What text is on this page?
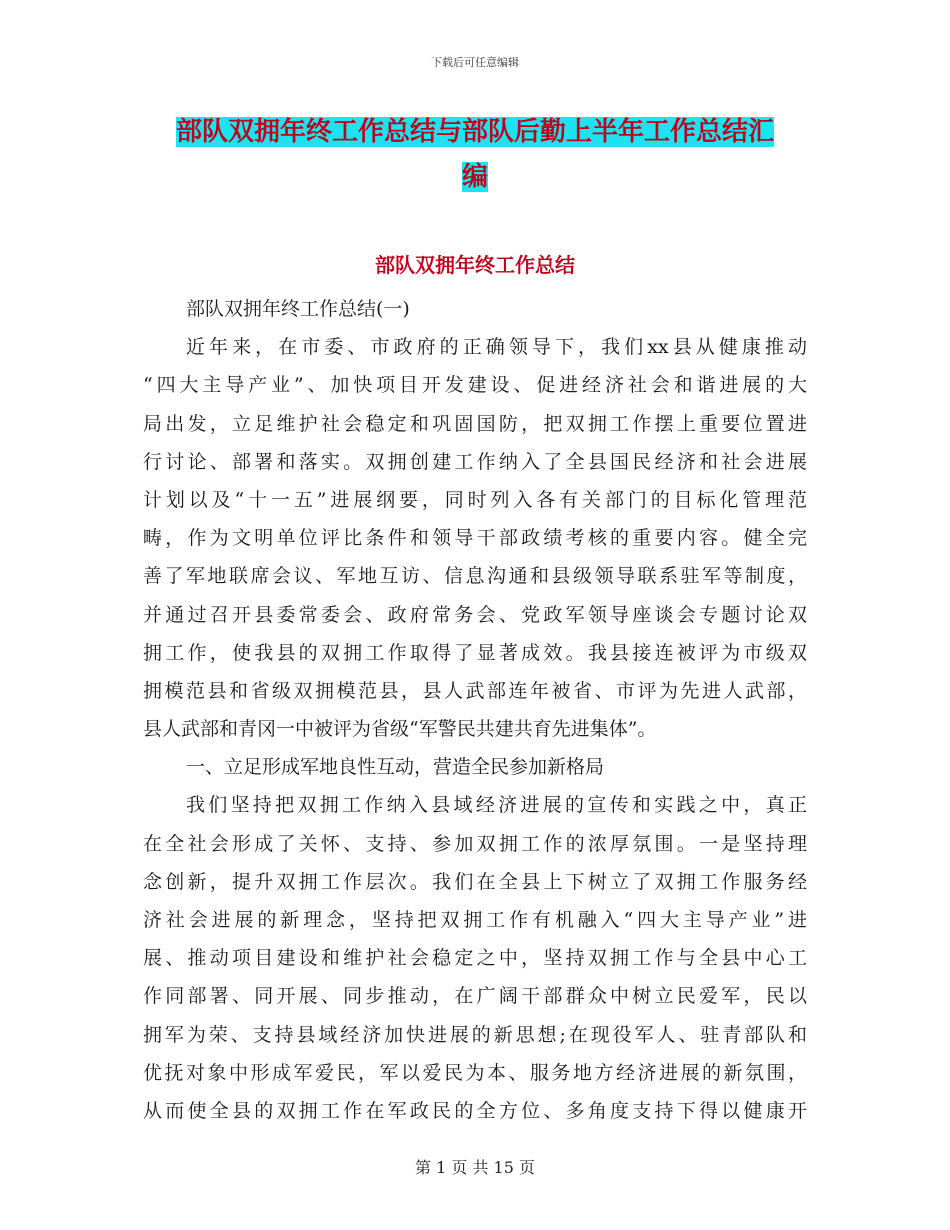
下载后可任意编辑
部队双拥年终工作总结与部队后勤上半年工作总结汇
编
部队双拥年终工作总结
部队双拥年终工作总结(一)
近年来，在市委、市政府的正确领导下，我们xx县从健康推动
“四大主导产业”、加快项目开发建设、促进经济社会和谐进展的大
局出发，立足维护社会稳定和巩固国防，把双拥工作摆上重要位置进
行讨论、部署和落实。双拥创建工作纳入了全县国民经济和社会进展
计划以及“十一五”进展纲要，同时列入各有关部门的目标化管理范
畴，作为文明单位评比条件和领导干部政绩考核的重要内容。健全完
善了军地联席会议、军地互访、信息沟通和县级领导联系驻军等制度，
并通过召开县委常委会、政府常务会、党政军领导座谈会专题讨论双
拥工作，使我县的双拥工作取得了显著成效。我县接连被评为市级双
拥模范县和省级双拥模范县，县人武部连年被省、市评为先进人武部，
县人武部和青冈一中被评为省级“军警民共建共育先进集体”。
一、立足形成军地良性互动，营造全民参加新格局
我们坚持把双拥工作纳入县域经济进展的宣传和实践之中，真正
在全社会形成了关怀、支持、参加双拥工作的浓厚氛围。一是坚持理
念创新，提升双拥工作层次。我们在全县上下树立了双拥工作服务经
济社会进展的新理念，坚持把双拥工作有机融入“四大主导产业”进
展、推动项目建设和维护社会稳定之中，坚持双拥工作与全县中心工
作同部署、同开展、同步推动，在广阔干部群众中树立民爱军，民以
拥军为荣、支持县域经济加快进展的新思想;在现役军人、驻青部队和
优抚对象中形成军爱民，军以爱民为本、服务地方经济进展的新氛围，
从而使全县的双拥工作在军政民的全方位、多角度支持下得以健康开
第 1 页 共 15 页
